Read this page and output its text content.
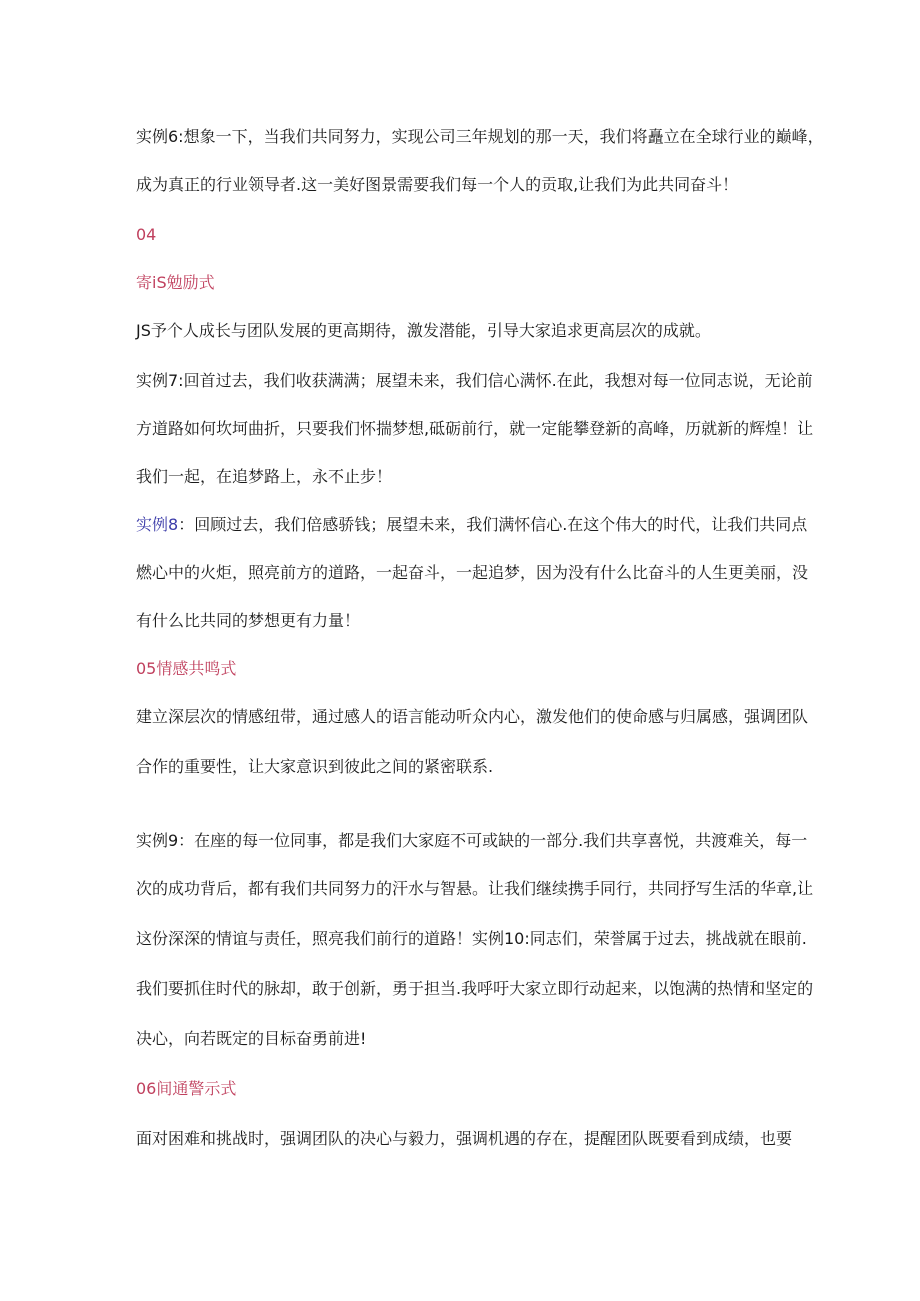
实例6:想象一下，当我们共同努力，实现公司三年规划的那一天，我们将矗立在全球行业的巅峰，

成为真正的行业领导者.这一美好图景需要我们每一个人的贡取,让我们为此共同奋斗！

04

寄iS勉励式

JS予个人成长与团队发展的更高期待，激发潜能，引导大家追求更高层次的成就。

实例7:回首过去，我们收获满满；展望未来，我们信心满怀.在此，我想对每一位同志说，无论前

方道路如何坎坷曲折，只要我们怀揣梦想,砥砺前行，就一定能攀登新的高峰，历就新的辉煌！让

我们一起，在追梦路上，永不止步！

实例8：回顾过去，我们倍感骄钱；展望未来，我们满怀信心.在这个伟大的时代，让我们共同点

燃心中的火炬，照亮前方的道路，一起奋斗，一起追梦，因为没有什么比奋斗的人生更美丽，没

有什么比共同的梦想更有力量！

05情感共鸣式

建立深层次的情感纽带，通过感人的语言能动听众内心，激发他们的使命感与归属感，强调团队

合作的重要性，让大家意识到彼此之间的紧密联系.

实例9：在座的每一位同事，都是我们大家庭不可或缺的一部分.我们共享喜悦，共渡难关，每一

次的成功背后，都有我们共同努力的汗水与智悬。让我们继续携手同行，共同抒写生活的华章,让

这份深深的情谊与责任，照亮我们前行的道路！实例10:同志们，荣誉属于过去，挑战就在眼前.

我们要抓住时代的脉却，敢于创新，勇于担当.我呼吁大家立即行动起来，以饱满的热情和坚定的

决心，向若既定的目标奋勇前进!

06间通警示式

面对困难和挑战时，强调团队的决心与毅力，强调机遇的存在，提醒团队既要看到成绩，也要
